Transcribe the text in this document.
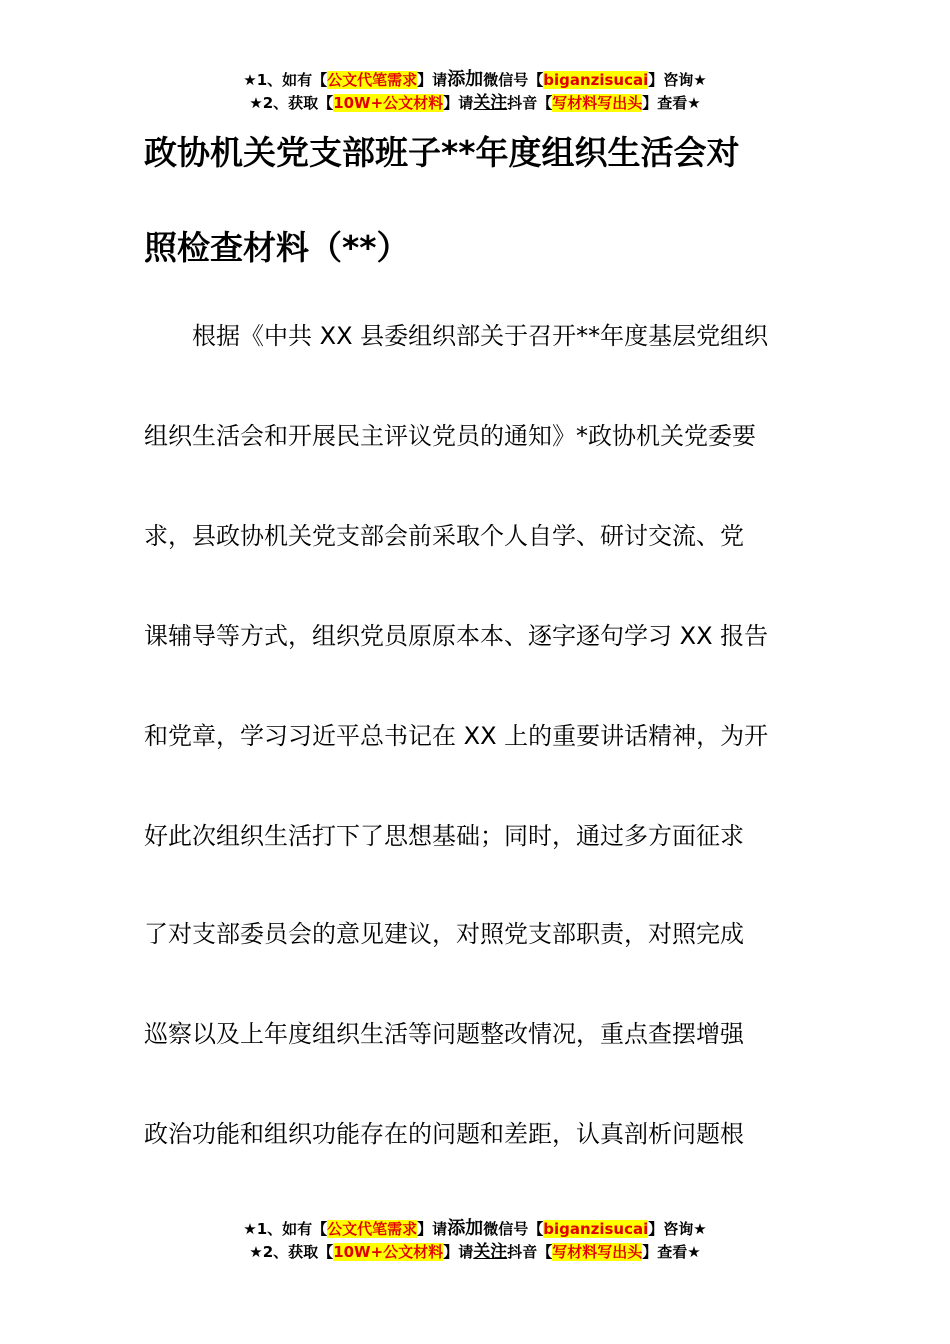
★1、如有【公文代笔需求】请添加微信号【biganzisucai】咨询★
★2、获取【10W+公文材料】请关注抖音【写材料写出头】查看★
政协机关党支部班子**年度组织生活会对
照检查材料（**）
　　根据《中共 XX 县委组织部关于召开**年度基层党组织
组织生活会和开展民主评议党员的通知》*政协机关党委要
求，县政协机关党支部会前采取个人自学、研讨交流、党
课辅导等方式，组织党员原原本本、逐字逐句学习 XX 报告
和党章，学习习近平总书记在 XX 上的重要讲话精神，为开
好此次组织生活打下了思想基础；同时，通过多方面征求
了对支部委员会的意见建议，对照党支部职责，对照完成
巡察以及上年度组织生活等问题整改情况，重点查摆增强
政治功能和组织功能存在的问题和差距，认真剖析问题根
★1、如有【公文代笔需求】请添加微信号【biganzisucai】咨询★
★2、获取【10W+公文材料】请关注抖音【写材料写出头】查看★
